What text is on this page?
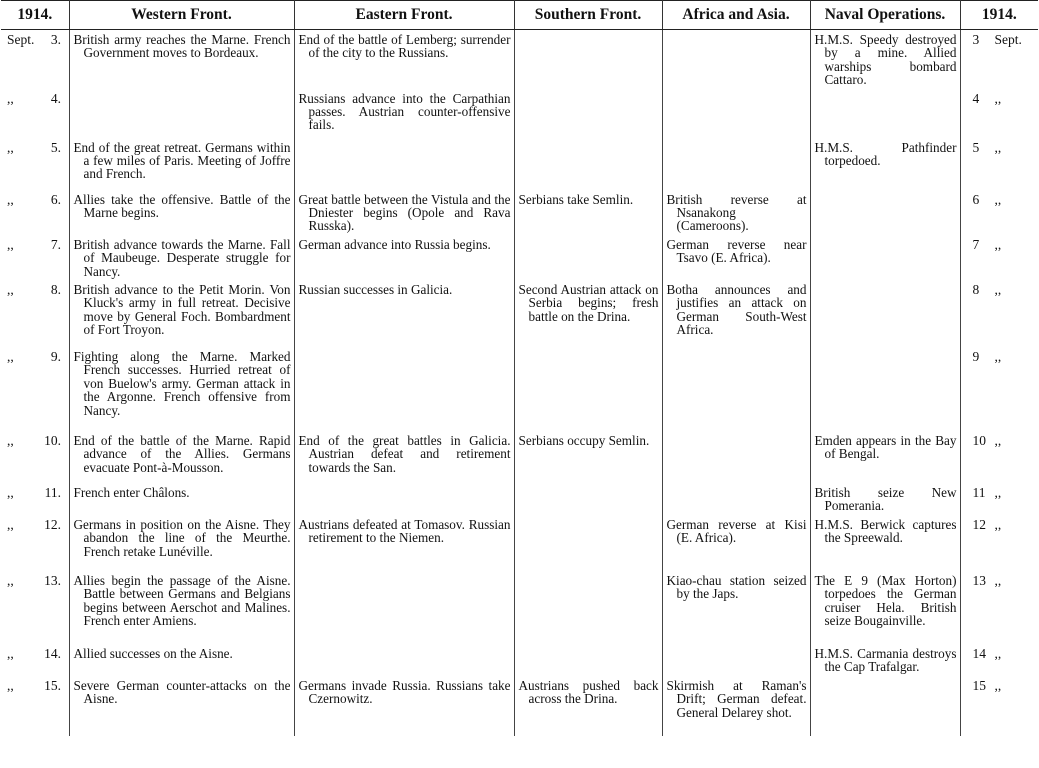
1914.	Western Front.	Eastern Front.	Southern Front.	Africa and Asia.	Naval Operations.	1914.
Sept. 3.	British army reaches the Marne. French Government moves to Bordeaux.	End of the battle of Lemberg; surrender of the city to the Russians.			H.M.S. Speedy destroyed by a mine. Allied warships bombard Cattaro.	3 Sept.
,, 4.		Russians advance into the Carpathian passes. Austrian counter-offensive fails.				4 ,,
,, 5.	End of the great retreat. Germans within a few miles of Paris. Meeting of Joffre and French.				H.M.S. Pathfinder torpedoed.	5 ,,
,, 6.	Allies take the offensive. Battle of the Marne begins.	Great battle between the Vistula and the Dniester begins (Opole and Rava Russka).	Serbians take Semlin.	British reverse at Nsanakong (Cameroons).		6 ,,
,, 7.	British advance towards the Marne. Fall of Maubeuge. Desperate struggle for Nancy.	German advance into Russia begins.		German reverse near Tsavo (E. Africa).		7 ,,
,, 8.	British advance to the Petit Morin. Von Kluck's army in full retreat. Decisive move by General Foch. Bombardment of Fort Troyon.	Russian successes in Galicia.	Second Austrian attack on Serbia begins; fresh battle on the Drina.	Botha announces and justifies an attack on German South-West Africa.		8 ,,
,, 9.	Fighting along the Marne. Marked French successes. Hurried retreat of von Buelow's army. German attack in the Argonne. French offensive from Nancy.					9 ,,
,, 10.	End of the battle of the Marne. Rapid advance of the Allies. Germans evacuate Pont-à-Mousson.	End of the great battles in Galicia. Austrian defeat and retirement towards the San.	Serbians occupy Semlin.		Emden appears in the Bay of Bengal.	10 ,,
,, 11.	French enter Châlons.				British seize New Pomerania.	11 ,,
,, 12.	Germans in position on the Aisne. They abandon the line of the Meurthe. French retake Lunéville.	Austrians defeated at Tomasov. Russian retirement to the Niemen.		German reverse at Kisi (E. Africa).	H.M.S. Berwick captures the Spreewald.	12 ,,
,, 13.	Allies begin the passage of the Aisne. Battle between Germans and Belgians begins between Aerschot and Malines. French enter Amiens.			Kiao-chau station seized by the Japs.	The E 9 (Max Horton) torpedoes the German cruiser Hela. British seize Bougainville.	13 ,,
,, 14.	Allied successes on the Aisne.				H.M.S. Carmania destroys the Cap Trafalgar.	14 ,,
,, 15.	Severe German counter-attacks on the Aisne.	Germans invade Russia. Russians take Czernowitz.	Austrians pushed back across the Drina.	Skirmish at Raman's Drift; German defeat. General Delarey shot.		15 ,,
